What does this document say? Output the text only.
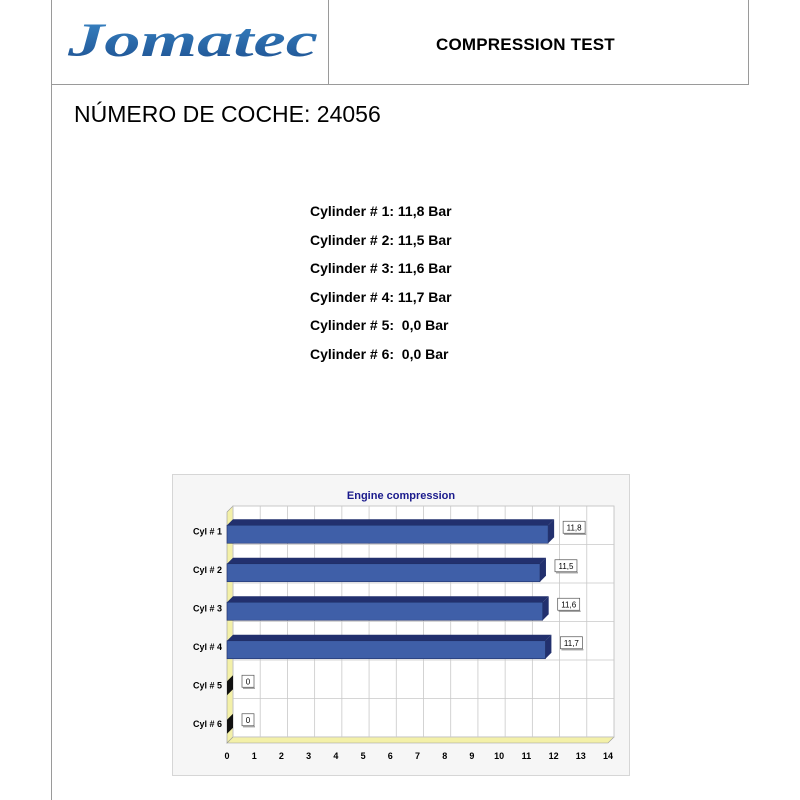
Jomatec	COMPRESSION TEST
NÚMERO DE COCHE: 24056
Cylinder # 1: 11,8 Bar
Cylinder # 2: 11,5 Bar
Cylinder # 3: 11,6 Bar
Cylinder # 4: 11,7 Bar
Cylinder # 5:  0,0 Bar
Cylinder # 6:  0,0 Bar
Engine compression
0 1 2 3 4 5 6 7 8 9 10 11 12 13 14
Cyl # 1	11,8
Cyl # 2	11,5
Cyl # 3	11,6
Cyl # 4	11,7
Cyl # 5	0
Cyl # 6	0
